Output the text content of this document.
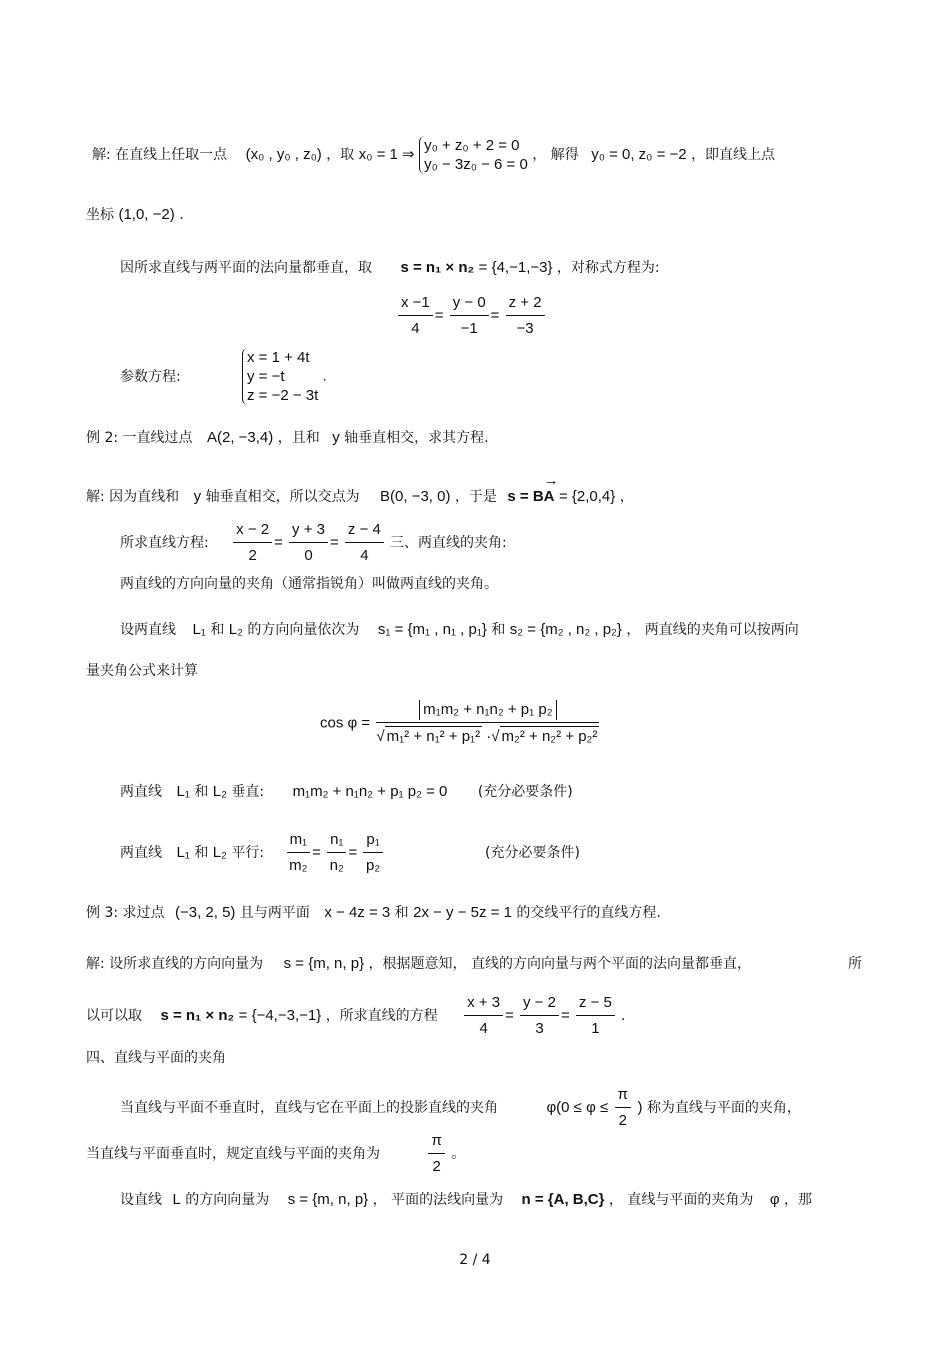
解: 在直线上任取一点 (x₀ , y₀ , z₀) ，取 x₀ = 1 ⇒
y₀ + z₀ + 2 = 0
y₀ − 3z₀ − 6 = 0
， 解得 y₀ = 0, z₀ = −2 ，即直线上点
坐标 (1,0, −2) .
因所求直线与两平面的法向量都垂直，取 s = n₁ × n₂ = {4,−1,−3} ，对称式方程为:
$\frac{x -1}{4} = \frac{y - 0}{-1} = \frac{z + 2}{-3}$
参数方程:
x = 1 + 4t
y = −t
z = −2 − 3t
.
例 2: 一直线过点 A(2, −3,4) ，且和 y 轴垂直相交，求其方程.
解: 因为直线和 y 轴垂直相交，所以交点为 B(0, −3, 0) ，于是 s = → BA = {2,0,4} ，
所求直线方程: $\frac{x - 2}{2} = \frac{y + 3}{0} = \frac{z - 4}{4}$ 三、两直线的夹角:
两直线的方向向量的夹角（通常指锐角）叫做两直线的夹角。
设两直线 L₁ 和 L₂ 的方向向量依次为 s₁ = {m₁ , n₁ , p₁} 和 s₂ = {m₂ , n₂ , p₂} ， 两直线的夹角可以按两向
量夹角公式来计算
$\cos \varphi = \frac{\text{m₁m₂ + n₁n₂ + p₁ p₂}}{\text{√ m₁² + n₁² + p₁² ·√ m₂² + n₂² + p₂²}}$
两直线 L₁ 和 L₂ 垂直: m₁m₂ + n₁n₂ + p₁ p₂ = 0 (充分必要条件)
两直线 L₁ 和 L₂ 平行: $\frac{\text{m₁}}{\text{m₂}} = \frac{\text{n₁}}{\text{n₂}} = \frac{\text{p₁}}{\text{p₂}}$	(充分必要条件)
例 3: 求过点 (−3, 2, 5) 且与两平面 x − 4z = 3 和 2x − y − 5z = 1 的交线平行的直线方程.
解: 设所求直线的方向向量为 s = {m, n, p} ，根据题意知， 直线的方向向量与两个平面的法向量都垂直，	所
以可以取 s = n₁ × n₂ = {−4,−3,−1} ，所求直线的方程 $\frac{x + 3}{4} = \frac{y - 2}{3} = \frac{z - 5}{1}$ .
四、直线与平面的夹角
当直线与平面不垂直时，直线与它在平面上的投影直线的夹角	$\varphi(0 \le \varphi \le \frac{\pi}{2}$ ) 称为直线与平面的夹角，
当直线与平面垂直时，规定直线与平面的夹角为	$\frac{\pi}{2}$ 。
设直线 L 的方向向量为 s = {m, n, p} ， 平面的法线向量为 n = {A, B,C} ， 直线与平面的夹角为 φ ，那
2 / 4
